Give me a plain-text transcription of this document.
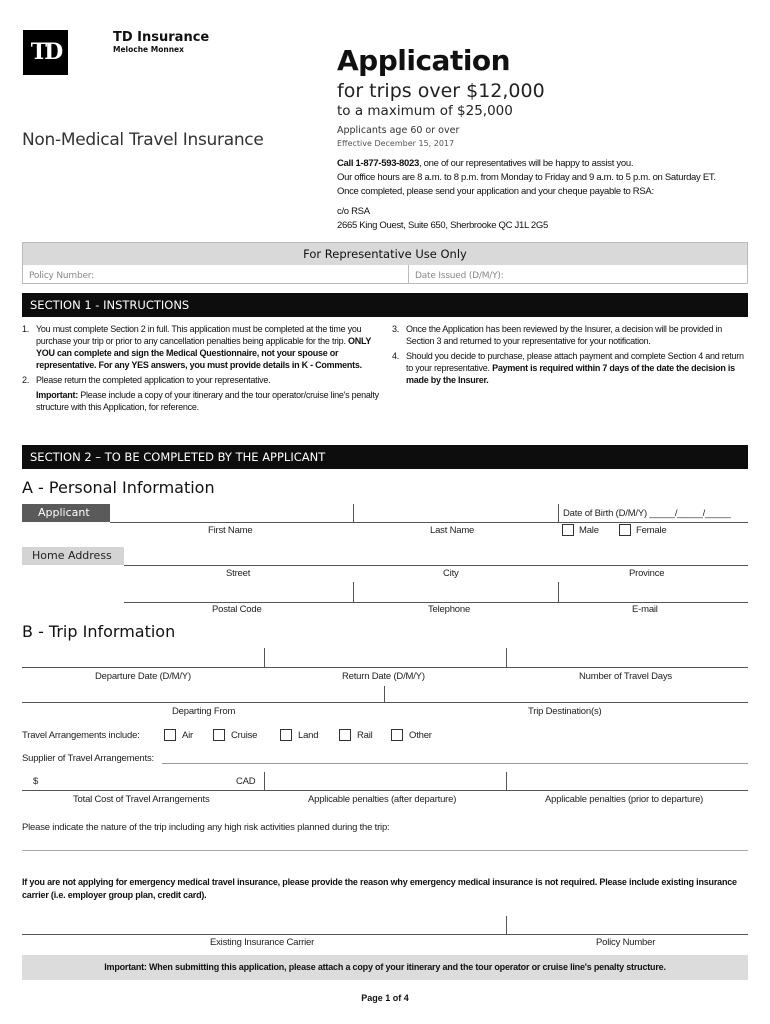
TD
TD Insurance
Meloche Monnex
Non-Medical Travel Insurance
Application
for trips over $12,000
to a maximum of $25,000
Applicants age 60 or over
Effective December 15, 2017
Call 1-877-593-8023, one of our representatives will be happy to assist you.
Our office hours are 8 a.m. to 8 p.m. from Monday to Friday and 9 a.m. to 5 p.m. on Saturday ET.
Once completed, please send your application and your cheque payable to RSA:
c/o RSA
2665 King Ouest, Suite 650, Sherbrooke QC J1L 2G5
For Representative Use Only
Policy Number:	Date Issued (D/M/Y):
SECTION 1 - INSTRUCTIONS
1. You must complete Section 2 in full. This application must be completed at the time you purchase your trip or prior to any cancellation penalties being applicable for the trip. ONLY YOU can complete and sign the Medical Questionnaire, not your spouse or representative. For any YES answers, you must provide details in K - Comments.
2. Please return the completed application to your representative.
Important: Please include a copy of your itinerary and the tour operator/cruise line's penalty structure with this Application, for reference.
3. Once the Application has been reviewed by the Insurer, a decision will be provided in Section 3 and returned to your representative for your notification.
4. Should you decide to purchase, please attach payment and complete Section 4 and return to your representative. Payment is required within 7 days of the date the decision is made by the Insurer.
SECTION 2 – TO BE COMPLETED BY THE APPLICANT
A - Personal Information
Applicant
First Name	Last Name
Date of Birth (D/M/Y) _____/_____/_____
Male	Female
Home Address
Street	City	Province
Postal Code	Telephone	E-mail
B - Trip Information
Departure Date (D/M/Y)	Return Date (D/M/Y)	Number of Travel Days
Departing From	Trip Destination(s)
Travel Arrangements include:	Air	Cruise	Land	Rail	Other
Supplier of Travel Arrangements:
$	CAD
Total Cost of Travel Arrangements	Applicable penalties (after departure)	Applicable penalties (prior to departure)
Please indicate the nature of the trip including any high risk activities planned during the trip:
If you are not applying for emergency medical travel insurance, please provide the reason why emergency medical insurance is not required. Please include existing insurance carrier (i.e. employer group plan, credit card).
Existing Insurance Carrier	Policy Number
Important: When submitting this application, please attach a copy of your itinerary and the tour operator or cruise line's penalty structure.
Page 1 of 4
